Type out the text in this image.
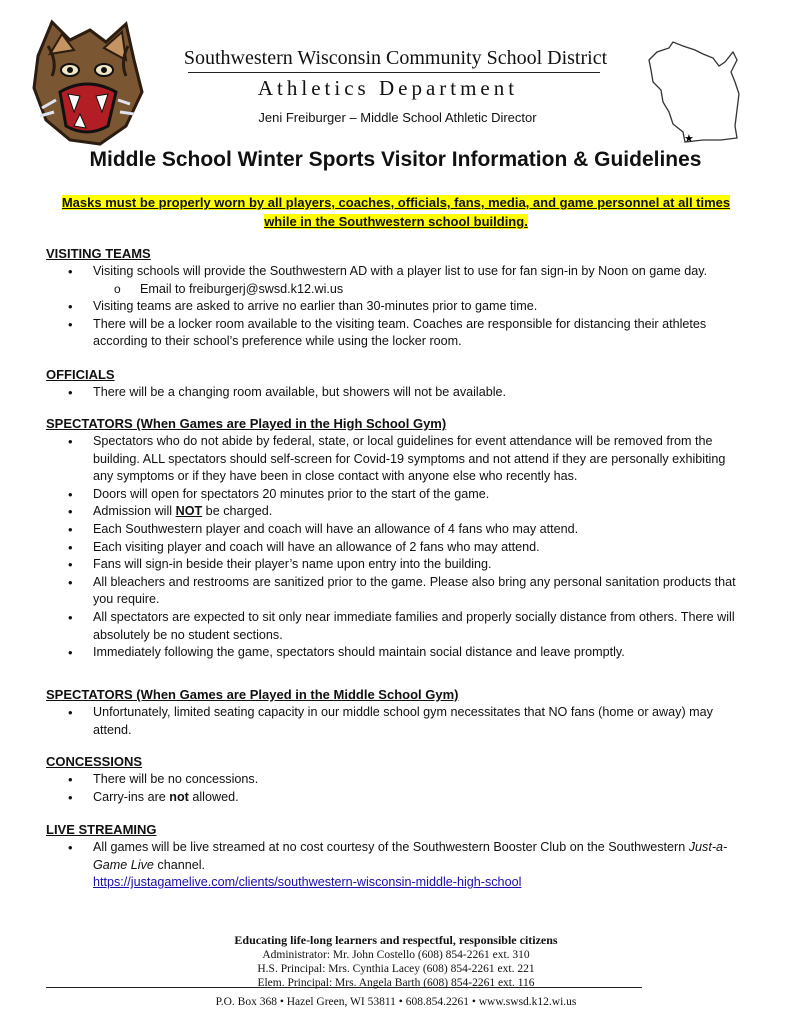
Southwestern Wisconsin Community School District
Athletics Department
Jeni Freiburger – Middle School Athletic Director
★
Middle School Winter Sports Visitor Information & Guidelines
Masks must be properly worn by all players, coaches, officials, fans, media, and game personnel at all times
while in the Southwestern school building.
VISITING TEAMS
• Visiting schools will provide the Southwestern AD with a player list to use for fan sign-in by Noon on game day.
o Email to freiburgerj@swsd.k12.wi.us
• Visiting teams are asked to arrive no earlier than 30-minutes prior to game time.
• There will be a locker room available to the visiting team. Coaches are responsible for distancing their athletes according to their school’s preference while using the locker room.
OFFICIALS
• There will be a changing room available, but showers will not be available.
SPECTATORS (When Games are Played in the High School Gym)
• Spectators who do not abide by federal, state, or local guidelines for event attendance will be removed from the building. ALL spectators should self-screen for Covid-19 symptoms and not attend if they are personally exhibiting any symptoms or if they have been in close contact with anyone else who recently has.
• Doors will open for spectators 20 minutes prior to the start of the game.
• Admission will NOT be charged.
• Each Southwestern player and coach will have an allowance of 4 fans who may attend.
• Each visiting player and coach will have an allowance of 2 fans who may attend.
• Fans will sign-in beside their player’s name upon entry into the building.
• All bleachers and restrooms are sanitized prior to the game. Please also bring any personal sanitation products that you require.
• All spectators are expected to sit only near immediate families and properly socially distance from others. There will absolutely be no student sections.
• Immediately following the game, spectators should maintain social distance and leave promptly.
SPECTATORS (When Games are Played in the Middle School Gym)
• Unfortunately, limited seating capacity in our middle school gym necessitates that NO fans (home or away) may attend.
CONCESSIONS
• There will be no concessions.
• Carry-ins are not allowed.
LIVE STREAMING
• All games will be live streamed at no cost courtesy of the Southwestern Booster Club on the Southwestern Just-a-Game Live channel.
https://justagamelive.com/clients/southwestern-wisconsin-middle-high-school
Educating life-long learners and respectful, responsible citizens
Administrator: Mr. John Costello (608) 854-2261 ext. 310
H.S. Principal: Mrs. Cynthia Lacey (608) 854-2261 ext. 221
Elem. Principal: Mrs. Angela Barth (608) 854-2261 ext. 116
P.O. Box 368 • Hazel Green, WI 53811 • 608.854.2261 • www.swsd.k12.wi.us
